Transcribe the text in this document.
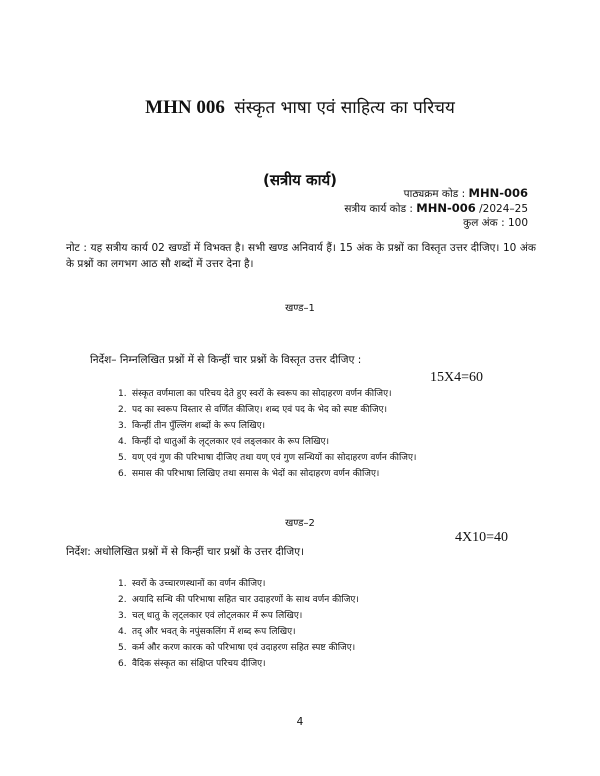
MHN 006 संस्कृत भाषा एवं साहित्य का परिचय
(सत्रीय कार्य)
पाठ्यक्रम कोड : MHN-006
सत्रीय कार्य कोड : MHN-006 /2024–25
कुल अंक : 100
नोट : यह सत्रीय कार्य 02 खण्डों में विभक्त है। सभी खण्ड अनिवार्य हैं। 15 अंक के प्रश्नों का विस्तृत उत्तर दीजिए। 10 अंक के प्रश्नों का लगभग आठ सौ शब्दों में उत्तर देना है।
खण्ड–1
निर्देश– निम्नलिखित प्रश्नों में से किन्हीं चार प्रश्नों के विस्तृत उत्तर दीजिए :
15X4=60
1. संस्कृत वर्णमाला का परिचय देते हुए स्वरों के स्वरूप का सोदाहरण वर्णन कीजिए।
2. पद का स्वरूप विस्तार से वर्णित कीजिए। शब्द एवं पद के भेद को स्पष्ट कीजिए।
3. किन्हीं तीन पुँल्लिंग शब्दों के रूप लिखिए।
4. किन्हीं दो धातुओं के लृट्लकार एवं लङ्लकार के रूप लिखिए।
5. यण् एवं गुण की परिभाषा दीजिए तथा यण् एवं गुण सन्धियों का सोदाहरण वर्णन कीजिए।
6. समास की परिभाषा लिखिए तथा समास के भेदों का सोदाहरण वर्णन कीजिए।
खण्ड–2
4X10=40
निर्देश: अधोलिखित प्रश्नों में से किन्हीं चार प्रश्नों के उत्तर दीजिए।
1. स्वरों के उच्चारणस्थानों का वर्णन कीजिए।
2. अयादि सन्धि की परिभाषा सहित चार उदाहरणों के साथ वर्णन कीजिए।
3. चल् धातु के लृट्लकार एवं लोट्लकार में रूप लिखिए।
4. तद् और भवत् के नपुंसकलिंग में शब्द रूप लिखिए।
5. कर्म और करण कारक को परिभाषा एवं उदाहरण सहित स्पष्ट कीजिए।
6. वैदिक संस्कृत का संक्षिप्त परिचय दीजिए।
4
